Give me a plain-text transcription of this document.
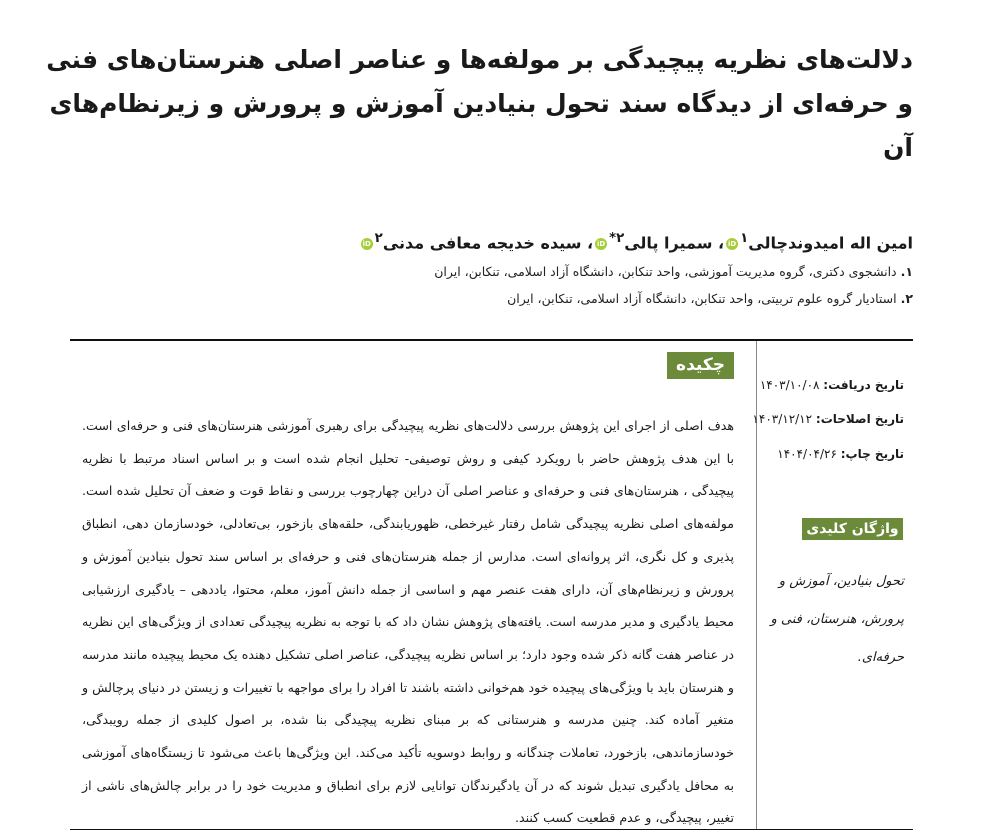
دلالت‌های نظریه پیچیدگی بر مولفه‌ها و عناصر اصلی هنرستان‌های فنی و حرفه‌ای از دیدگاه سند تحول بنیادین آموزش و پرورش و زیرنظام‌های آن
امین اله امیدوندچالی$^۱$iD، سمیرا پالی$^{۲*}$iD، سیده خدیجه معافی مدنی$^۲$iD
۱. دانشجوی دکتری، گروه مدیریت آموزشی، واحد تنکابن، دانشگاه آزاد اسلامی، تنکابن، ایران
۲. استادیار گروه علوم تربیتی، واحد تنکابن، دانشگاه آزاد اسلامی، تنکابن، ایران
چکیده
تاریخ دریافت: ۱۴۰۳/۱۰/۰۸
تاریخ اصلاحات: ۱۴۰۳/۱۲/۱۲
تاریخ چاپ: ۱۴۰۴/۰۴/۲۶
واژگان کلیدی
تحول بنیادین، آموزش و پرورش، هنرستان، فنی و حرفه‌ای.
هدف اصلی از اجرای این پژوهش بررسی دلالت‌های نظریه پیچیدگی برای رهبری آموزشی هنرستان‌های فنی و حرفه‌ای است. با این هدف پژوهش حاضر با رویکرد کیفی و روش توصیفی- تحلیل انجام شده است و بر اساس اسناد مرتبط با نظریه پیچیدگی ، هنرستان‌های فنی و حرفه‌ای و عناصر اصلی آن دراین چهارچوب بررسی و نقاط قوت و ضعف آن تحلیل شده است. مولفه‌های اصلی نظریه پیچیدگی شامل رفتار غیرخطی، ظهوریابندگی، حلقه‌های بازخور، بی‌تعادلی، خودسازمان دهی، انطباق پذیری و کل نگری، اثر پروانه‌ای است. مدارس از جمله هنرستان‌های فنی و حرفه‌ای بر اساس سند تحول بنیادین آموزش و پرورش و زیرنظام‌های آن، دارای هفت عنصر مهم و اساسی از جمله دانش آموز، معلم، محتوا، یاددهی – یادگیری ارزشیابی محیط یادگیری و مدیر مدرسه است. یافته‌های پژوهش نشان داد که با توجه به نظریه پیچیدگی تعدادی از ویژگی‌های این نظریه در عناصر هفت گانه ذکر شده وجود دارد؛ بر اساس نظریه پیچیدگی، عناصر اصلی تشکیل دهنده یک محیط پیچیده مانند مدرسه و هنرستان باید با ویژگی‌های پیچیده خود هم‌خوانی داشته باشند تا افراد را برای مواجهه با تغییرات و زیستن در دنیای پرچالش و متغیر آماده کند. چنین مدرسه و هنرستانی که بر مبنای نظریه پیچیدگی بنا شده، بر اصول کلیدی از جمله رویبدگی، خودسازماندهی، بازخورد، تعاملات چندگانه و روابط دوسویه تأکید می‌کند. این ویژگی‌ها باعث می‌شود تا زیستگاه‌های آموزشی به محافل یادگیری تبدیل شوند که در آن یادگیرندگان توانایی لازم برای انطباق و مدیریت خود را در برابر چالش‌های ناشی از تغییر، پیچیدگی، و عدم قطعیت کسب کنند.
